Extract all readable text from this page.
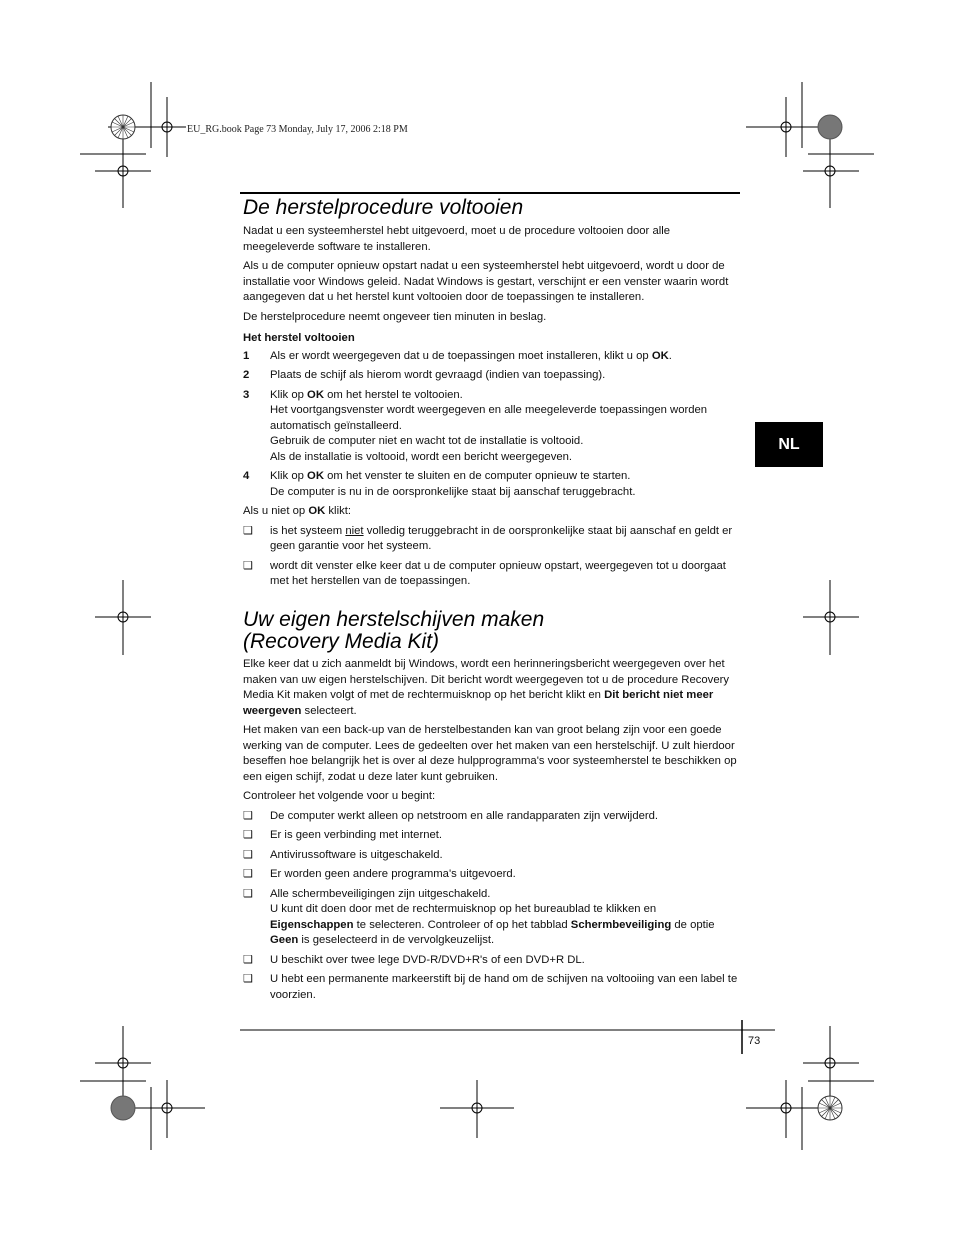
EU_RG.book Page 73 Monday, July 17, 2006 2:18 PM
NL
De herstelprocedure voltooien

Nadat u een systeemherstel hebt uitgevoerd, moet u de procedure voltooien door alle meegeleverde software te installeren.

Als u de computer opnieuw opstart nadat u een systeemherstel hebt uitgevoerd, wordt u door de installatie voor Windows geleid. Nadat Windows is gestart, verschijnt er een venster waarin wordt aangegeven dat u het herstel kunt voltooien door de toepassingen te installeren.

De herstelprocedure neemt ongeveer tien minuten in beslag.

Het herstel voltooien

1	Als er wordt weergegeven dat u de toepassingen moet installeren, klikt u op OK.
2	Plaats de schijf als hierom wordt gevraagd (indien van toepassing).
3	Klik op OK om het herstel te voltooien.
Het voortgangsvenster wordt weergegeven en alle meegeleverde toepassingen worden automatisch geïnstalleerd.
Gebruik de computer niet en wacht tot de installatie is voltooid.
Als de installatie is voltooid, wordt een bericht weergegeven.
4	Klik op OK om het venster te sluiten en de computer opnieuw te starten.
De computer is nu in de oorspronkelijke staat bij aanschaf teruggebracht.

Als u niet op OK klikt:

❑	is het systeem niet volledig teruggebracht in de oorspronkelijke staat bij aanschaf en geldt er geen garantie voor het systeem.
❑	wordt dit venster elke keer dat u de computer opnieuw opstart, weergegeven tot u doorgaat met het herstellen van de toepassingen.
Uw eigen herstelschijven maken
(Recovery Media Kit)

Elke keer dat u zich aanmeldt bij Windows, wordt een herinneringsbericht weergegeven over het maken van uw eigen herstelschijven. Dit bericht wordt weergegeven tot u de procedure Recovery Media Kit maken volgt of met de rechtermuisknop op het bericht klikt en Dit bericht niet meer weergeven selecteert.

Het maken van een back-up van de herstelbestanden kan van groot belang zijn voor een goede werking van de computer. Lees de gedeelten over het maken van een herstelschijf. U zult hierdoor beseffen hoe belangrijk het is over al deze hulpprogramma's voor systeemherstel te beschikken op een eigen schijf, zodat u deze later kunt gebruiken.

Controleer het volgende voor u begint:

❑	De computer werkt alleen op netstroom en alle randapparaten zijn verwijderd.
❑	Er is geen verbinding met internet.
❑	Antivirussoftware is uitgeschakeld.
❑	Er worden geen andere programma's uitgevoerd.
❑	Alle schermbeveiligingen zijn uitgeschakeld.
U kunt dit doen door met de rechtermuisknop op het bureaublad te klikken en Eigenschappen te selecteren. Controleer of op het tabblad Schermbeveiliging de optie Geen is geselecteerd in de vervolgkeuzelijst.
❑	U beschikt over twee lege DVD-R/DVD+R's of een DVD+R DL.
❑	U hebt een permanente markeerstift bij de hand om de schijven na voltooiing van een label te voorzien.
73
